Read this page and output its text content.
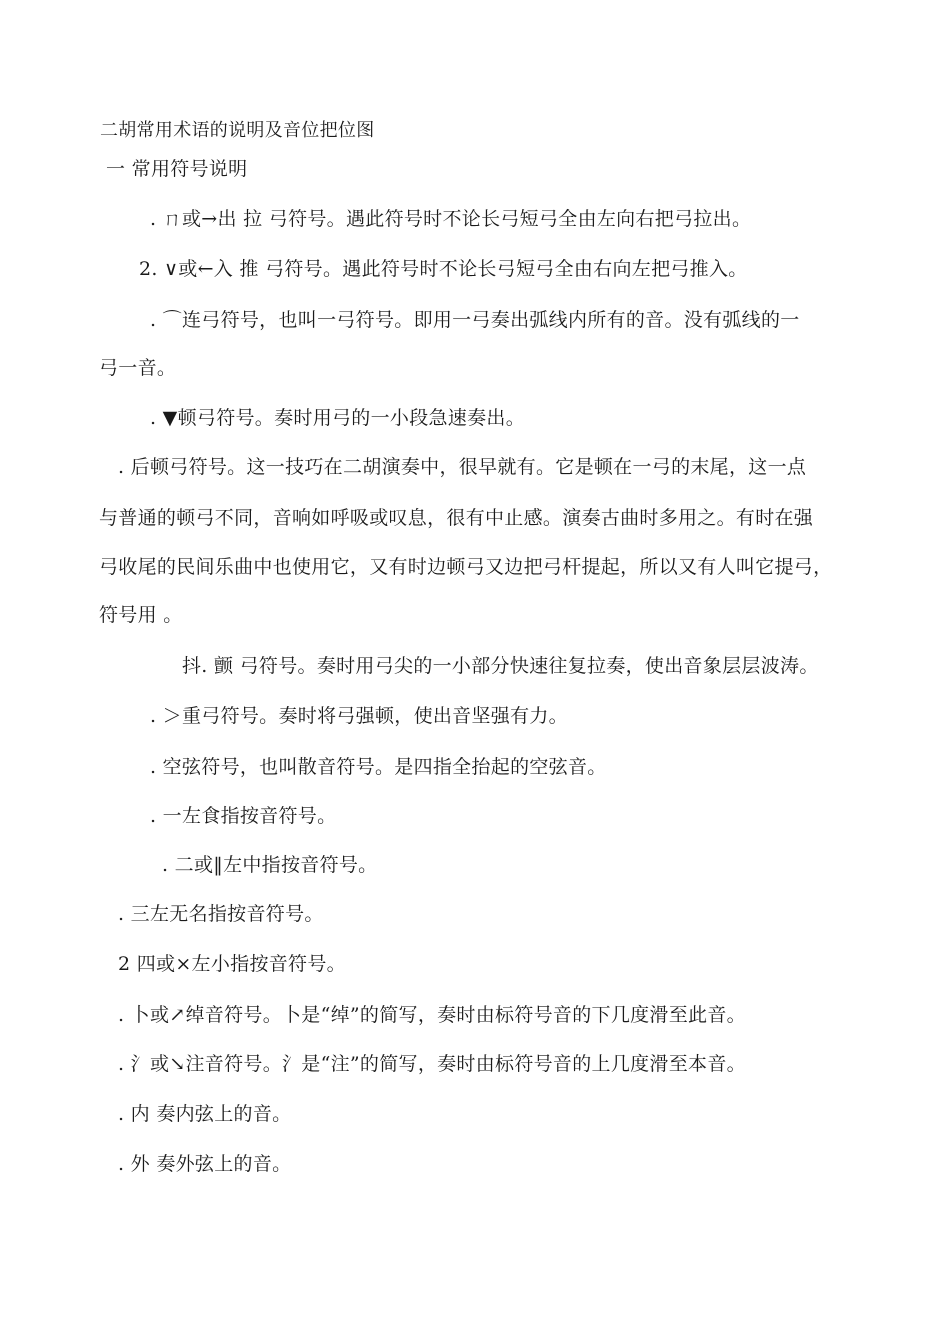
二胡常用术语的说明及音位把位图
一 常用符号说明
. ㄇ或→出 拉 弓符号。遇此符号时不论长弓短弓全由左向右把弓拉出。
2. ∨或←入 推 弓符号。遇此符号时不论长弓短弓全由右向左把弓推入。
. ⌒连弓符号，也叫一弓符号。即用一弓奏出弧线内所有的音。没有弧线的一
弓一音。
. ▼顿弓符号。奏时用弓的一小段急速奏出。
. 后顿弓符号。这一技巧在二胡演奏中，很早就有。它是顿在一弓的末尾，这一点
与普通的顿弓不同，音响如呼吸或叹息，很有中止感。演奏古曲时多用之。有时在强
弓收尾的民间乐曲中也使用它，又有时边顿弓又边把弓杆提起，所以又有人叫它提弓，
符号用 。
抖. 颤 弓符号。奏时用弓尖的一小部分快速往复拉奏，使出音象层层波涛。
. ＞重弓符号。奏时将弓强顿，使出音坚强有力。
. 空弦符号，也叫散音符号。是四指全抬起的空弦音。
. 一左食指按音符号。
. 二或‖左中指按音符号。
. 三左无名指按音符号。
2 四或×左小指按音符号。
. 卜或↗绰音符号。卜是“绰”的简写，奏时由标符号音的下几度滑至此音。
. 氵或↘注音符号。氵是“注”的简写，奏时由标符号音的上几度滑至本音。
. 内 奏内弦上的音。
. 外 奏外弦上的音。
